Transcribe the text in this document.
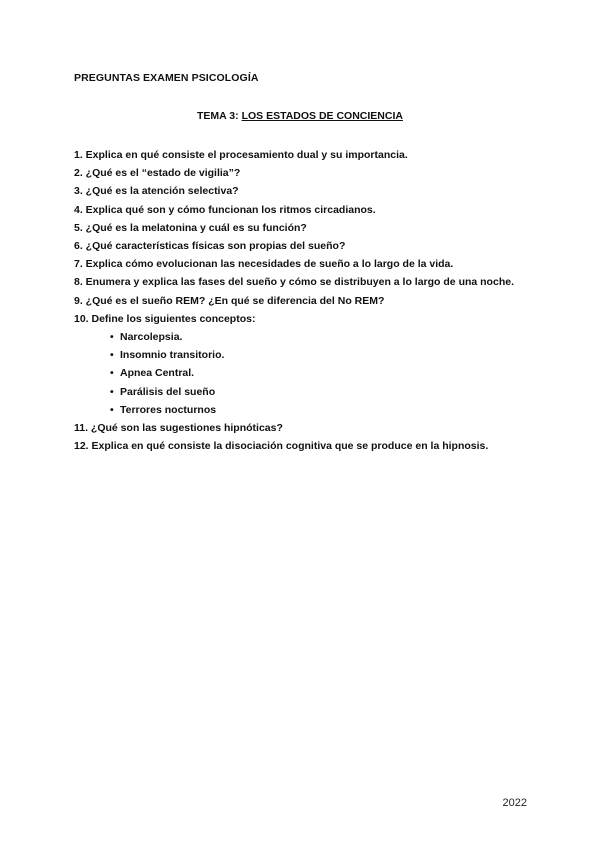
PREGUNTAS EXAMEN PSICOLOGÍA
TEMA 3: LOS ESTADOS DE CONCIENCIA

1. Explica en qué consiste el procesamiento dual y su importancia.

2. ¿Qué es el “estado de vigilia”?

3. ¿Qué es la atención selectiva?

4. Explica qué son y cómo funcionan los ritmos circadianos.

5. ¿Qué es la melatonina y cuál es su función?

6. ¿Qué características físicas son propias del sueño?

7. Explica cómo evolucionan las necesidades de sueño a lo largo de la vida.

8. Enumera y explica las fases del sueño y cómo se distribuyen a lo largo de una noche.

9. ¿Qué es el sueño REM? ¿En qué se diferencia del No REM?

10. Define los siguientes conceptos:

• Narcolepsia.

• Insomnio transitorio.

• Apnea Central.

• Parálisis del sueño

• Terrores nocturnos

11. ¿Qué son las sugestiones hipnóticas?

12. Explica en qué consiste la disociación cognitiva que se produce en la hipnosis.

2022
